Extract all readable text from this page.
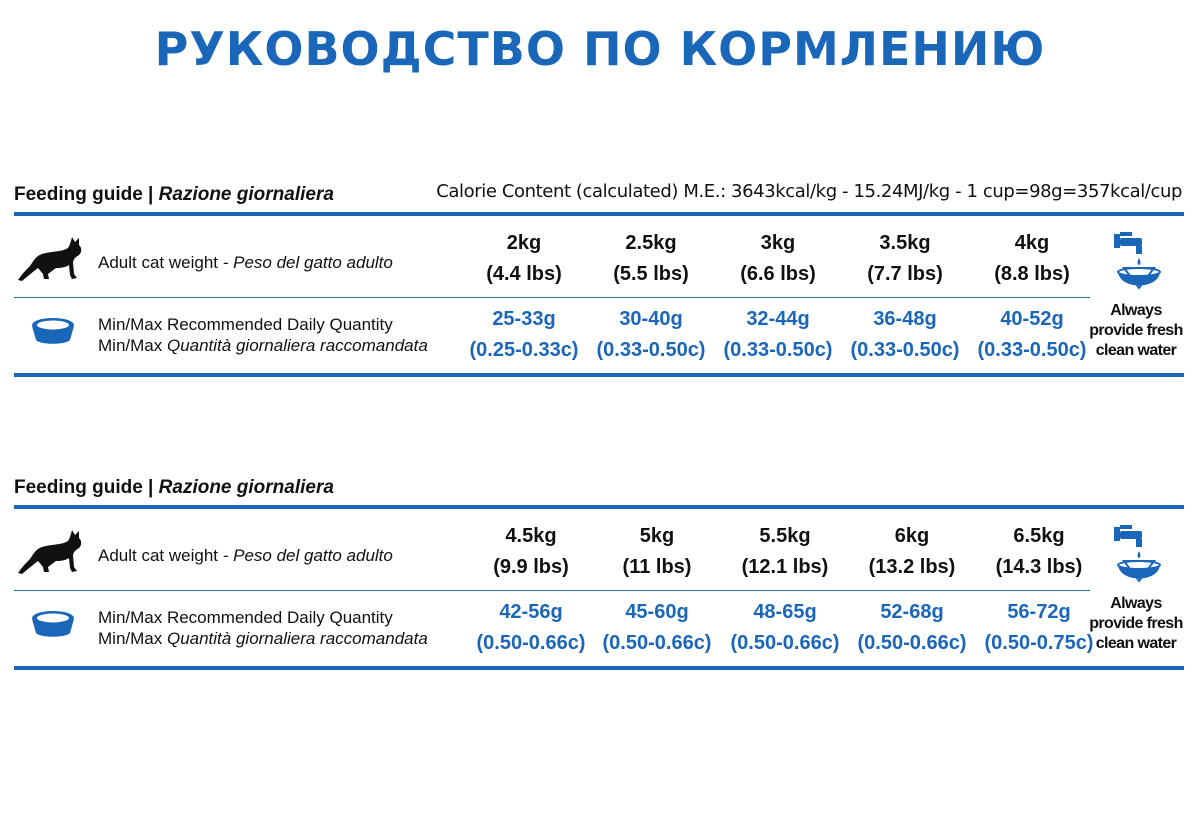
РУКОВОДСТВО ПО КОРМЛЕНИЮ
Feeding guide | Razione giornaliera	Calorie Content (calculated) M.E.: 3643kcal/kg - 15.24MJ/kg - 1 cup=98g=357kcal/cup
Adult cat weight - Peso del gatto adulto
2kg
(4.4 lbs)
2.5kg
(5.5 lbs)
3kg
(6.6 lbs)
3.5kg
(7.7 lbs)
4kg
(8.8 lbs)
Min/Max Recommended Daily Quantity
Min/Max Quantità giornaliera raccomandata
25-33g
(0.25-0.33c)
30-40g
(0.33-0.50c)
32-44g
(0.33-0.50c)
36-48g
(0.33-0.50c)
40-52g
(0.33-0.50c)
Always
provide fresh
clean water
Feeding guide | Razione giornaliera
Adult cat weight - Peso del gatto adulto
4.5kg
(9.9 lbs)
5kg
(11 lbs)
5.5kg
(12.1 lbs)
6kg
(13.2 lbs)
6.5kg
(14.3 lbs)
Min/Max Recommended Daily Quantity
Min/Max Quantità giornaliera raccomandata
42-56g
(0.50-0.66c)
45-60g
(0.50-0.66c)
48-65g
(0.50-0.66c)
52-68g
(0.50-0.66c)
56-72g
(0.50-0.75c)
Always
provide fresh
clean water
